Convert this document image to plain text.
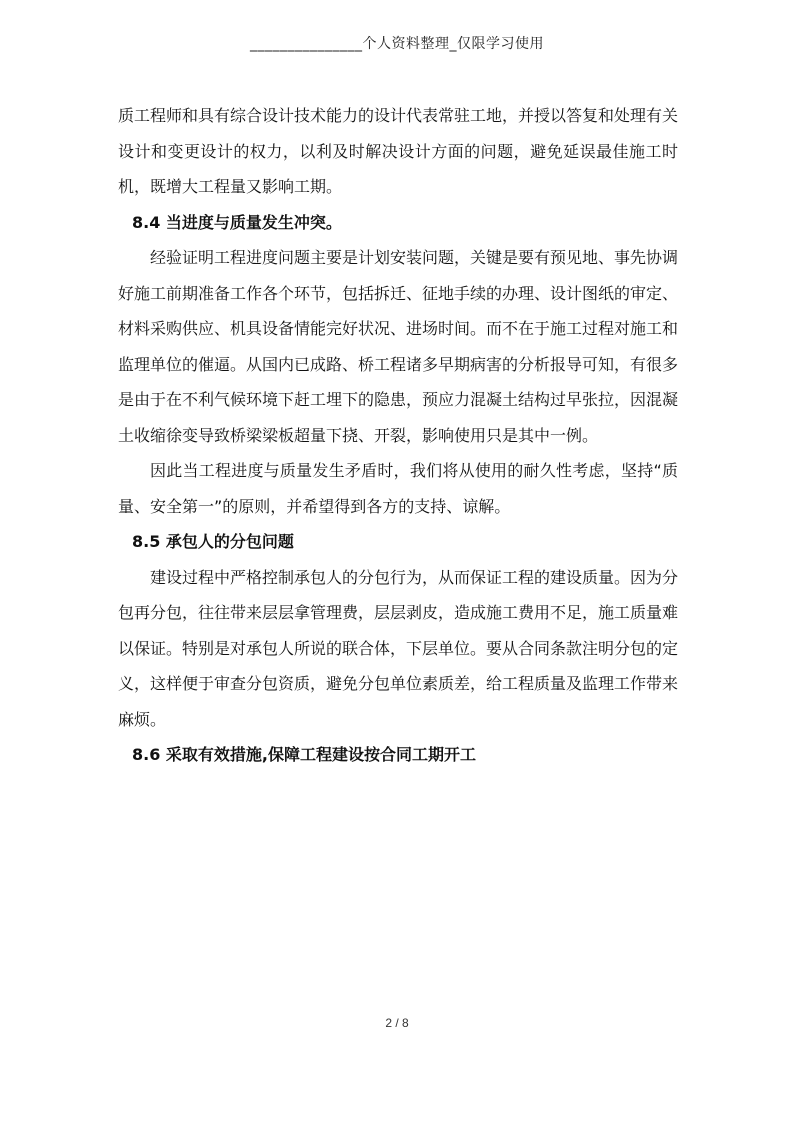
_______________个人资料整理_仅限学习使用

质工程师和具有综合设计技术能力的设计代表常驻工地，并授以答复和处理有关设计和变更设计的权力，以利及时解决设计方面的问题，避免延误最佳施工时机，既增大工程量又影响工期。

8.4 当进度与质量发生冲突。

经验证明工程进度问题主要是计划安装问题，关键是要有预见地、事先协调好施工前期准备工作各个环节，包括拆迁、征地手续的办理、设计图纸的审定、材料采购供应、机具设备情能完好状况、进场时间。而不在于施工过程对施工和监理单位的催逼。从国内已成路、桥工程诸多早期病害的分析报导可知，有很多是由于在不利气候环境下赶工埋下的隐患，预应力混凝土结构过早张拉，因混凝土收缩徐变导致桥梁梁板超量下挠、开裂，影响使用只是其中一例。

因此当工程进度与质量发生矛盾时，我们将从使用的耐久性考虑，坚持“质量、安全第一”的原则，并希望得到各方的支持、谅解。

8.5 承包人的分包问题

建设过程中严格控制承包人的分包行为，从而保证工程的建设质量。因为分包再分包，往往带来层层拿管理费，层层剥皮，造成施工费用不足，施工质量难以保证。特别是对承包人所说的联合体，下层单位。要从合同条款注明分包的定义，这样便于审查分包资质，避免分包单位素质差，给工程质量及监理工作带来麻烦。

8.6 采取有效措施,保障工程建设按合同工期开工

2 / 8
